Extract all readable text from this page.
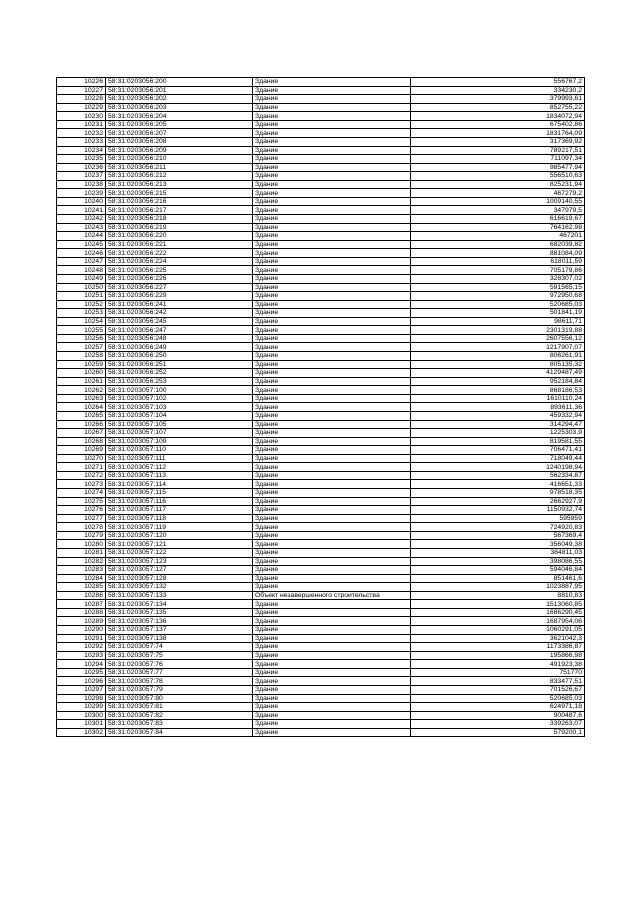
10226	58:31:0203056:200	Здание	556767,2
10227	58:31:0203056:201	Здание	334230,2
10228	58:31:0203056:202	Здание	379993,61
10229	58:31:0203056:203	Здание	852755,22
10230	58:31:0203056:204	Здание	1834072,94
10231	58:31:0203056:205	Здание	675402,86
10232	58:31:0203056:207	Здание	1831764,09
10233	58:31:0203056:208	Здание	317369,92
10234	58:31:0203056:209	Здание	789217,51
10235	58:31:0203056:210	Здание	711097,34
10236	58:31:0203056:211	Здание	985477,94
10237	58:31:0203056:212	Здание	556510,63
10238	58:31:0203056:213	Здание	825231,94
10239	58:31:0203056:215	Здание	467279,2
10240	58:31:0203056:216	Здание	1009140,55
10241	58:31:0203056:217	Здание	347979,5
10242	58:31:0203056:218	Здание	616619,67
10243	58:31:0203056:219	Здание	764162,98
10244	58:31:0203056:220	Здание	467201
10245	58:31:0203056:221	Здание	682039,82
10246	58:31:0203056:222	Здание	881084,09
10247	58:31:0203056:224	Здание	618011,59
10248	58:31:0203056:225	Здание	705179,86
10249	58:31:0203056:226	Здание	328307,02
10250	58:31:0203056:227	Здание	591565,15
10251	58:31:0203056:229	Здание	972950,68
10252	58:31:0203056:241	Здание	520685,03
10253	58:31:0203056:242	Здание	501841,19
10254	58:31:0203056:245	Здание	98611,71
10255	58:31:0203056:247	Здание	2301319,88
10256	58:31:0203056:248	Здание	2607556,12
10257	58:31:0203056:249	Здание	1217907,07
10258	58:31:0203056:250	Здание	806261,91
10259	58:31:0203056:251	Здание	805135,32
10260	58:31:0203056:252	Здание	4129487,49
10261	58:31:0203056:253	Здание	952184,84
10262	58:31:0203057:100	Здание	868186,53
10263	58:31:0203057:102	Здание	1610110,24
10264	58:31:0203057:103	Здание	893611,36
10265	58:31:0203057:104	Здание	459332,94
10266	58:31:0203057:105	Здание	314294,47
10267	58:31:0203057:107	Здание	1225303,9
10268	58:31:0203057:109	Здание	819581,55
10269	58:31:0203057:110	Здание	706471,41
10270	58:31:0203057:111	Здание	718049,44
10271	58:31:0203057:112	Здание	1240198,94
10272	58:31:0203057:113	Здание	562334,87
10273	58:31:0203057:114	Здание	416651,33
10274	58:31:0203057:115	Здание	978518,35
10275	58:31:0203057:116	Здание	2662927,9
10276	58:31:0203057:117	Здание	1150932,74
10277	58:31:0203057:118	Здание	595959
10278	58:31:0203057:119	Здание	724920,83
10279	58:31:0203057:120	Здание	567369,4
10280	58:31:0203057:121	Здание	356049,38
10281	58:31:0203057:122	Здание	384811,03
10282	58:31:0203057:123	Здание	398086,55
10283	58:31:0203057:127	Здание	594046,84
10284	58:31:0203057:128	Здание	851461,6
10285	58:31:0203057:132	Здание	1023887,95
10286	58:31:0203057:133	Объект незавершенного строительства	8810,83
10287	58:31:0203057:134	Здание	1513060,85
10288	58:31:0203057:135	Здание	1686290,45
10289	58:31:0203057:136	Здание	1687954,06
10290	58:31:0203057:137	Здание	1060291,05
10291	58:31:0203057:138	Здание	3621042,3
10292	58:31:0203057:74	Здание	1173386,87
10293	58:31:0203057:75	Здание	195866,98
10294	58:31:0203057:76	Здание	491923,38
10295	58:31:0203057:77	Здание	751770
10296	58:31:0203057:78	Здание	833477,51
10297	58:31:0203057:79	Здание	701526,67
10298	58:31:0203057:80	Здание	520685,03
10299	58:31:0203057:81	Здание	624971,18
10300	58:31:0203057:82	Здание	900487,6
10301	58:31:0203057:83	Здание	339263,07
10302	58:31:0203057:84	Здание	579200,1
